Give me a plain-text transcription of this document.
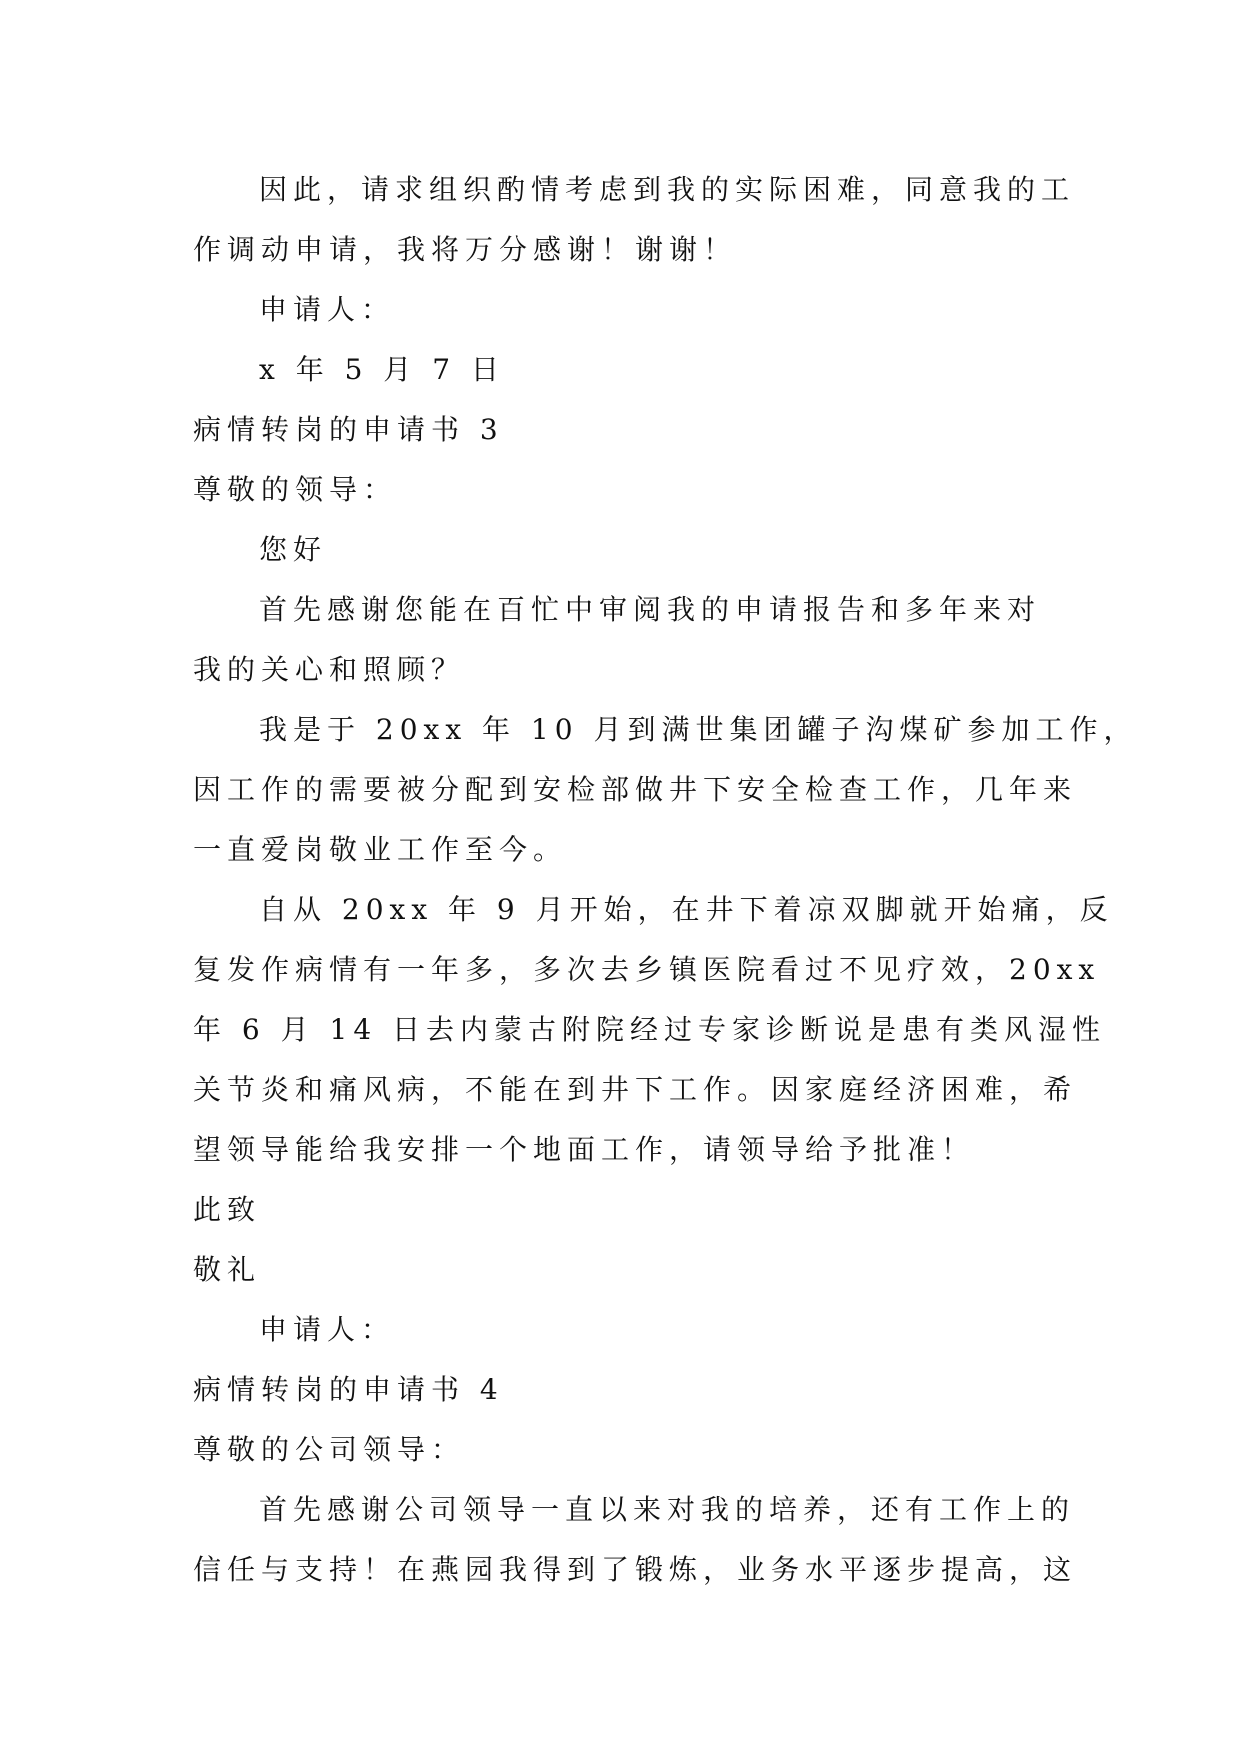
因此，请求组织酌情考虑到我的实际困难，同意我的工
作调动申请，我将万分感谢！谢谢！
申请人：
x 年 5 月 7 日
病情转岗的申请书 3
尊敬的领导：
您好
首先感谢您能在百忙中审阅我的申请报告和多年来对
我的关心和照顾？
我是于 20xx 年 10 月到满世集团罐子沟煤矿参加工作，
因工作的需要被分配到安检部做井下安全检查工作，几年来
一直爱岗敬业工作至今。
自从 20xx 年 9 月开始，在井下着凉双脚就开始痛，反
复发作病情有一年多，多次去乡镇医院看过不见疗效，20xx
年 6 月 14 日去内蒙古附院经过专家诊断说是患有类风湿性
关节炎和痛风病，不能在到井下工作。因家庭经济困难，希
望领导能给我安排一个地面工作，请领导给予批准！
此致
敬礼
申请人：
病情转岗的申请书 4
尊敬的公司领导：
首先感谢公司领导一直以来对我的培养，还有工作上的
信任与支持！在燕园我得到了锻炼，业务水平逐步提高，这
